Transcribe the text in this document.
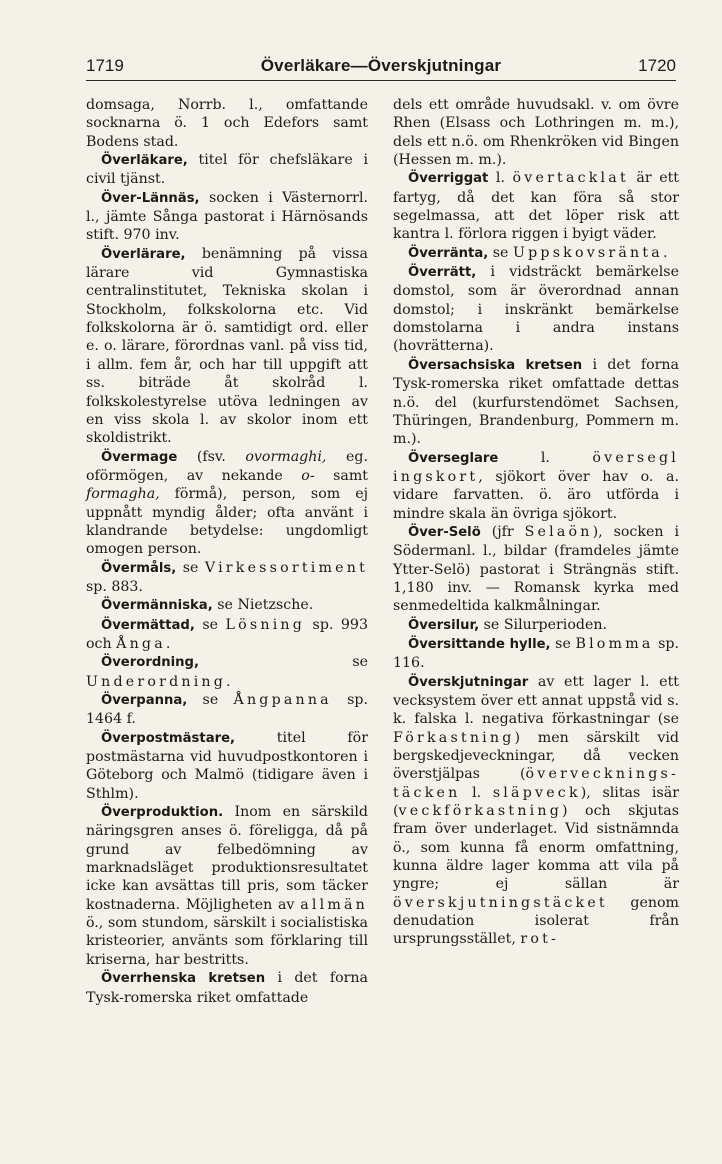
1719	Överläkare—Överskjutningar	1720

domsaga, Norrb. l., omfattande socknarna ö. 1 och Edefors samt Bodens stad.

Överläkare, titel för chefsläkare i civil tjänst.

Över-Lännäs, socken i Västernorrl. l., jämte Sånga pastorat i Härnösands stift. 970 inv.

Överlärare, benämning på vissa lärare vid Gymnastiska centralinstitutet, Tekniska skolan i Stockholm, folkskolorna etc. Vid folkskolorna är ö. samtidigt ord. eller e. o. lärare, förordnas vanl. på viss tid, i allm. fem år, och har till uppgift att ss. biträde åt skolråd l. folkskolestyrelse utöva ledningen av en viss skola l. av skolor inom ett skoldistrikt.

Övermage (fsv. ovormaghi, eg. oförmögen, av nekande o- samt formagha, förmå), person, som ej uppnått myndig ålder; ofta använt i klandrande betydelse: ungdomligt omogen person.

Övermåls, se Virkessortiment sp. 883.

Övermänniska, se Nietzsche.

Övermättad, se Lösning sp. 993 och Ånga.

Överordning, se Underordning.

Överpanna, se Ångpanna sp. 1464 f.

Överpostmästare, titel för postmästarna vid huvudpostkontoren i Göteborg och Malmö (tidigare även i Sthlm).

Överproduktion. Inom en särskild näringsgren anses ö. föreligga, då på grund av felbedömning av marknadsläget produktionsresultatet icke kan avsättas till pris, som täcker kostnaderna. Möjligheten av allmän ö., som stundom, särskilt i socialistiska kristeorier, använts som förklaring till kriserna, har bestritts.

Överrhenska kretsen i det forna Tysk-romerska riket omfattade

dels ett område huvudsakl. v. om övre Rhen (Elsass och Lothringen m. m.), dels ett n.ö. om Rhenkröken vid Bingen (Hessen m. m.).

Överriggat l. övertacklat är ett fartyg, då det kan föra så stor segelmassa, att det löper risk att kantra l. förlora riggen i byigt väder.

Överränta, se Uppskovsränta.

Överrätt, i vidsträckt bemärkelse domstol, som är överordnad annan domstol; i inskränkt bemärkelse domstolarna i andra instans (hovrätterna).

Översachsiska kretsen i det forna Tysk-romerska riket omfattade dettas n.ö. del (kurfurstendömet Sachsen, Thüringen, Brandenburg, Pommern m. m.).

Överseglare l. översegl ingskort, sjökort över hav o. a. vidare farvatten. ö. äro utförda i mindre skala än övriga sjökort.

Över-Selö (jfr Selaön), socken i Södermanl. l., bildar (framdeles jämte Ytter-Selö) pastorat i Strängnäs stift. 1,180 inv. — Romansk kyrka med senmedeltida kalkmålningar.

Översilur, se Silurperioden.

Översittande hylle, se Blomma sp. 116.

Överskjutningar av ett lager l. ett vecksystem över ett annat uppstå vid s. k. falska l. negativa förkastningar (se Förkastning) men särskilt vid bergskedjeveckningar, då vecken överstjälpas (övervecknings-täcken l. släpveck), slitas isär (veckförkastning) och skjutas fram över underlaget. Vid sistnämnda ö., som kunna få enorm omfattning, kunna äldre lager komma att vila på yngre; ej sällan är överskjutningstäcket genom denudation isolerat från ursprungsstället, rot-
